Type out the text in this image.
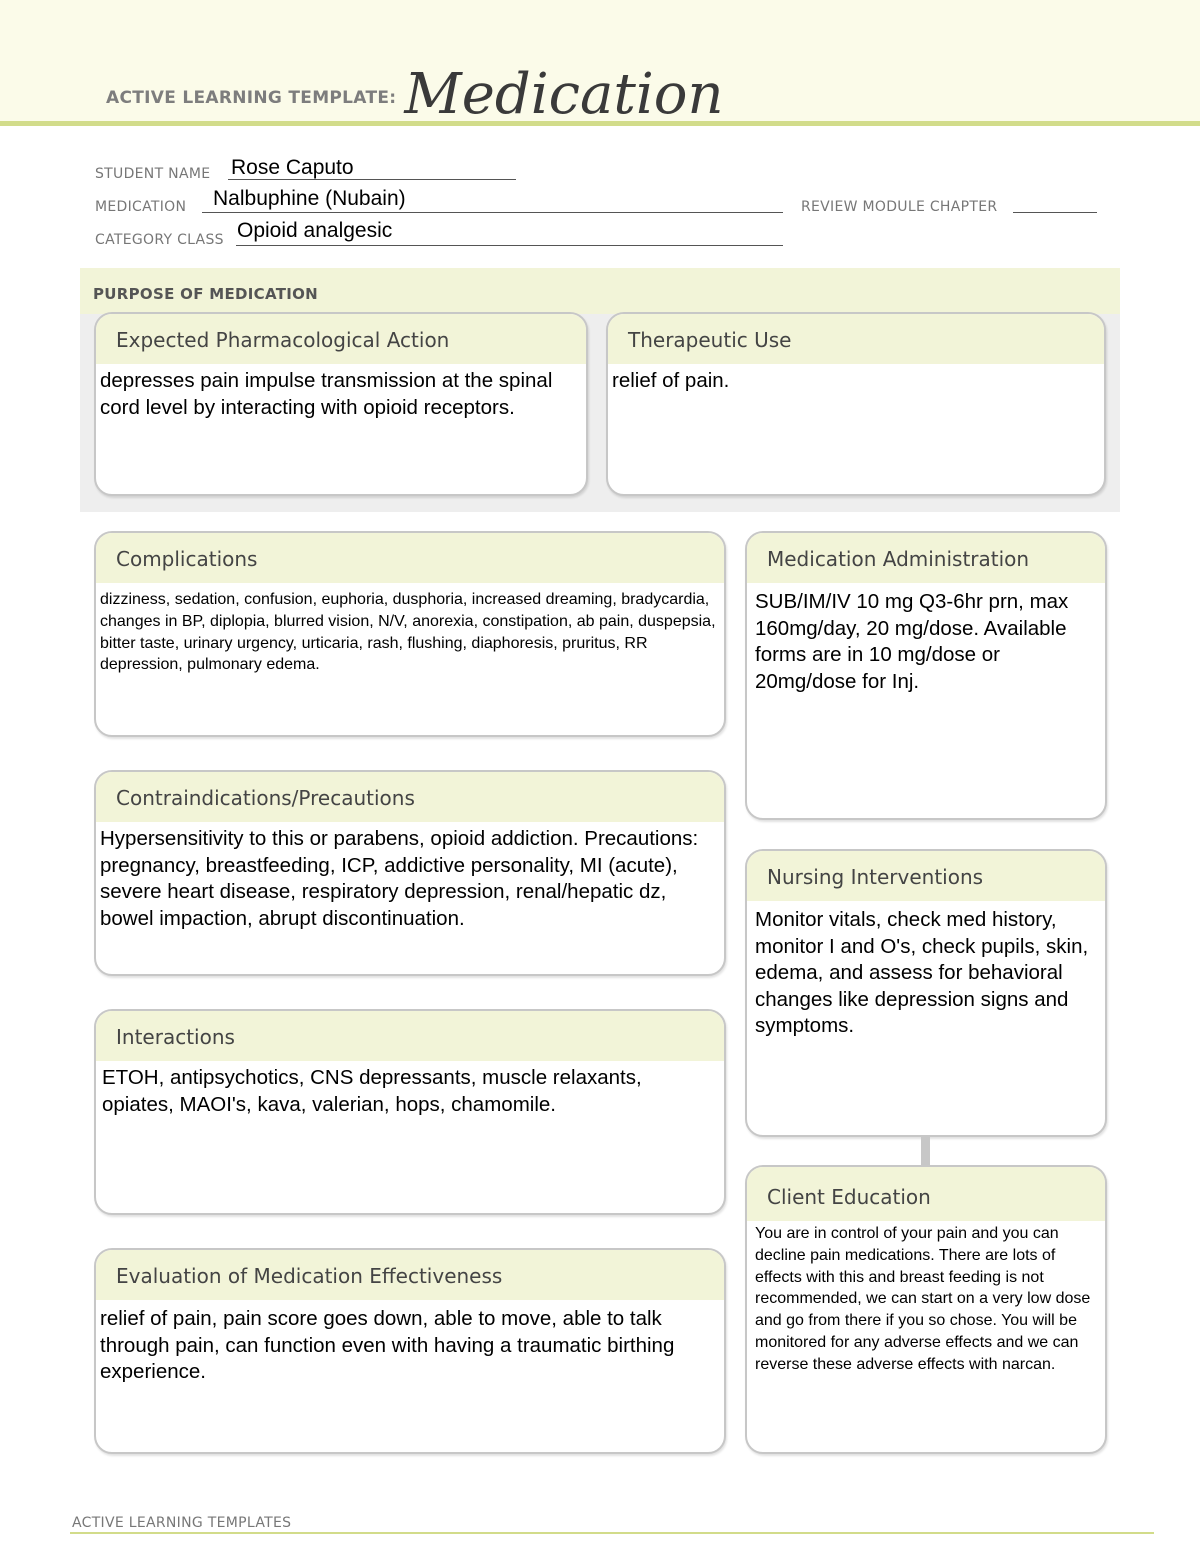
ACTIVE LEARNING TEMPLATE: Medication
STUDENT NAME Rose Caputo
MEDICATION Nalbuphine (Nubain)	REVIEW MODULE CHAPTER
CATEGORY CLASS Opioid analgesic
PURPOSE OF MEDICATION
Expected Pharmacological Action
depresses pain impulse transmission at the spinal cord level by interacting with opioid receptors.
Therapeutic Use
relief of pain.
Complications
dizziness, sedation, confusion, euphoria, dusphoria, increased dreaming, bradycardia, changes in BP, diplopia, blurred vision, N/V, anorexia, constipation, ab pain, duspepsia, bitter taste, urinary urgency, urticaria, rash, flushing, diaphoresis, pruritus, RR depression, pulmonary edema.
Contraindications/Precautions
Hypersensitivity to this or parabens, opioid addiction. Precautions: pregnancy, breastfeeding, ICP, addictive personality, MI (acute), severe heart disease, respiratory depression, renal/hepatic dz, bowel impaction, abrupt discontinuation.
Interactions
ETOH, antipsychotics, CNS depressants, muscle relaxants, opiates, MAOI's, kava, valerian, hops, chamomile.
Evaluation of Medication Effectiveness
relief of pain, pain score goes down, able to move, able to talk through pain, can function even with having a traumatic birthing experience.
Medication Administration
SUB/IM/IV 10 mg Q3-6hr prn, max 160mg/day, 20 mg/dose. Available forms are in 10 mg/dose or 20mg/dose for Inj.
Nursing Interventions
Monitor vitals, check med history, monitor I and O's, check pupils, skin, edema, and assess for behavioral changes like depression signs and symptoms.
Client Education
You are in control of your pain and you can decline pain medications. There are lots of effects with this and breast feeding is not recommended, we can start on a very low dose and go from there if you so chose. You will be monitored for any adverse effects and we can reverse these adverse effects with narcan.
ACTIVE LEARNING TEMPLATES
